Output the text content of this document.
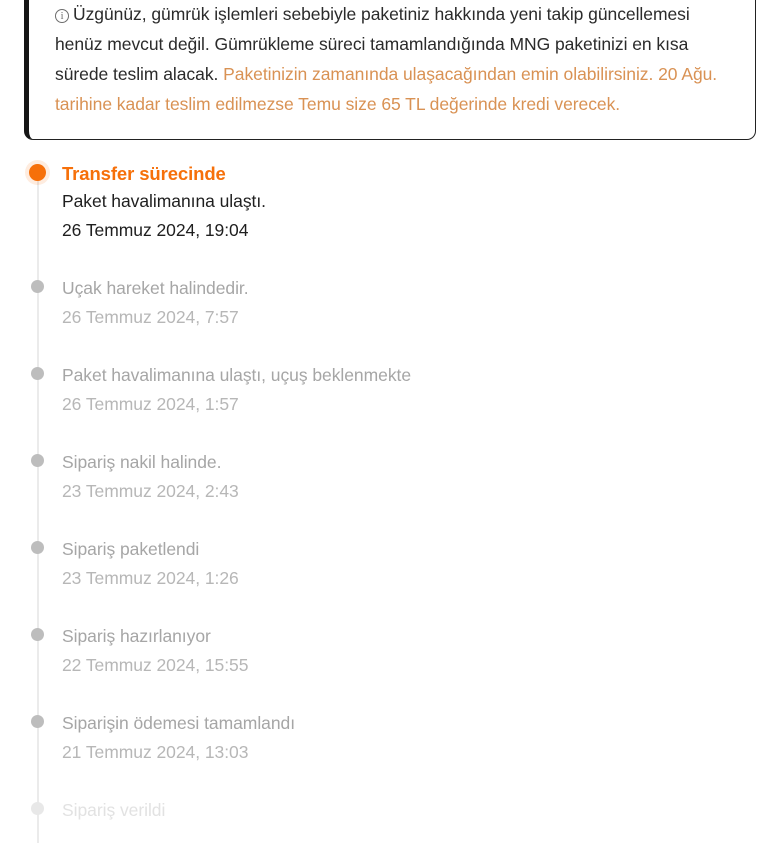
i Üzgünüz, gümrük işlemleri sebebiyle paketiniz hakkında yeni takip güncellemesi henüz mevcut değil. Gümrükleme süreci tamamlandığında MNG paketinizi en kısa sürede teslim alacak. Paketinizin zamanında ulaşacağından emin olabilirsiniz. 20 Ağu. tarihine kadar teslim edilmezse Temu size 65 TL değerinde kredi verecek.

Transfer sürecinde
Paket havalimanına ulaştı.
26 Temmuz 2024, 19:04
Uçak hareket halindedir.
26 Temmuz 2024, 7:57
Paket havalimanına ulaştı, uçuş beklenmekte
26 Temmuz 2024, 1:57
Sipariş nakil halinde.
23 Temmuz 2024, 2:43
Sipariş paketlendi
23 Temmuz 2024, 1:26
Sipariş hazırlanıyor
22 Temmuz 2024, 15:55
Siparişin ödemesi tamamlandı
21 Temmuz 2024, 13:03
Sipariş verildi
